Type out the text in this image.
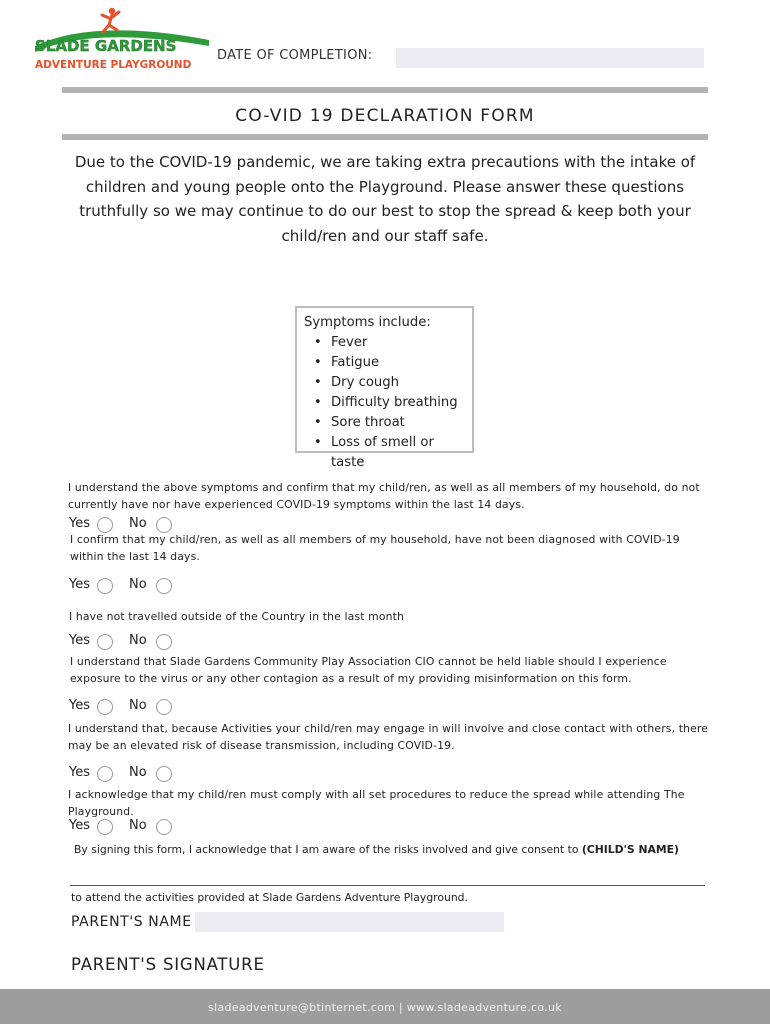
SLADE GARDENS
ADVENTURE PLAYGROUND
DATE OF COMPLETION:
CO-VID 19 DECLARATION FORM
Due to the COVID-19 pandemic, we are taking extra precautions with the intake of children and young people onto the Playground. Please answer these questions truthfully so we may continue to do our best to stop the spread & keep both your child/ren and our staff safe.
Symptoms include:
• Fever
• Fatigue
• Dry cough
• Difficulty breathing
• Sore throat
• Loss of smell or taste
I understand the above symptoms and confirm that my child/ren, as well as all members of my household, do not currently have nor have experienced COVID-19 symptoms within the last 14 days.
Yes	No
I confirm that my child/ren, as well as all members of my household, have not been diagnosed with COVID-19 within the last 14 days.
Yes	No
I have not travelled outside of the Country in the last month
Yes	No
I understand that Slade Gardens Community Play Association CIO cannot be held liable should I experience exposure to the virus or any other contagion as a result of my providing misinformation on this form.
Yes	No
I understand that, because Activities your child/ren may engage in will involve and close contact with others, there may be an elevated risk of disease transmission, including COVID-19.
Yes	No
I acknowledge that my child/ren must comply with all set procedures to reduce the spread while attending The Playground.
Yes	No
By signing this form, I acknowledge that I am aware of the risks involved and give consent to (CHILD'S NAME)
to attend the activities provided at Slade Gardens Adventure Playground.
PARENT'S NAME
PARENT'S SIGNATURE
sladeadventure@btinternet.com | www.sladeadventure.co.uk
